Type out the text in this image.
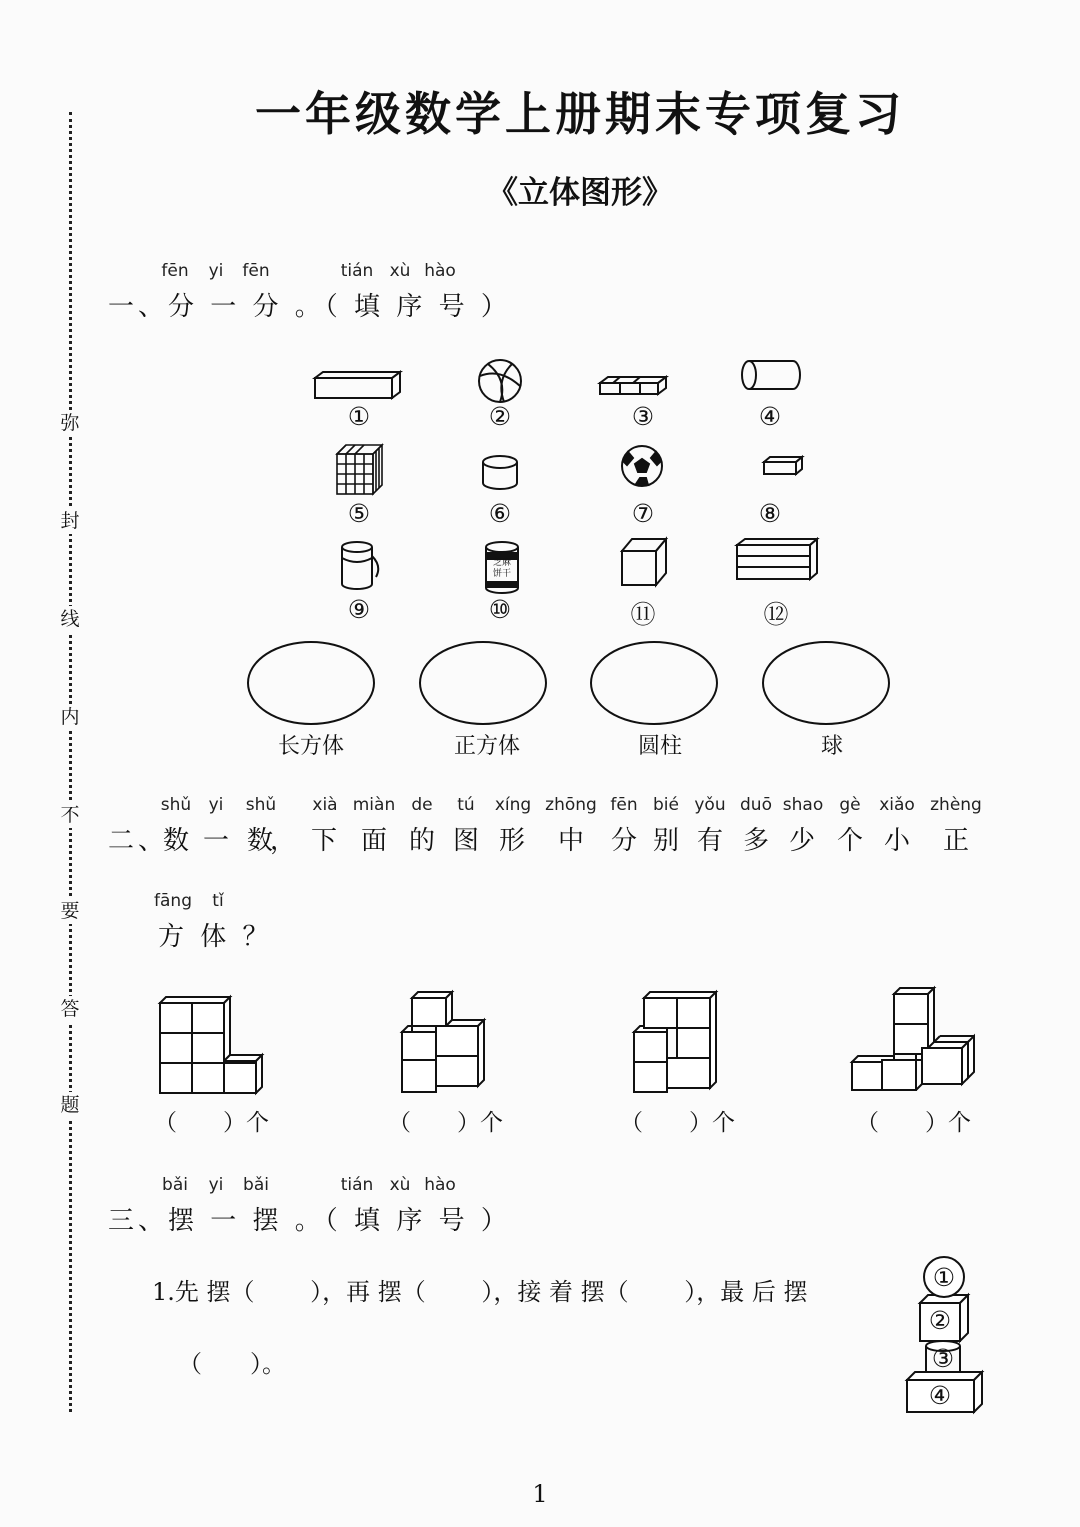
一年级数学上册期末专项复习
《立体图形》
弥
封
线
内
不
要
答
题
fēn	yi	fēn	tián xù hào
一、分 一 分 。（ 填 序 号 ）
芝麻
饼干
①	②	③	④
⑤	⑥	⑦	⑧
⑨	⑩	⑪	⑫
长方体	正方体	圆柱	球
二、
shǔ
数
yi
一
shǔ
数
，
xià
下
miàn
面
de
的
tú
图
xíng
形
zhōng
中
fēn
分
bié
别
yǒu
有
duō
多
shao
少
gè
个
xiǎo
小
zhèng
正
fāng	tǐ
方 体 ？
（　　）个	（　　）个	（　　）个	（　　）个
bǎi	yi	bǎi	tián xù hào
三、摆 一 摆 。（ 填 序 号 ）
1.先 摆（　　 ），再 摆（　　 ），接 着 摆（　　 ），最 后 摆
（　　）。
①
②
③
④
1
